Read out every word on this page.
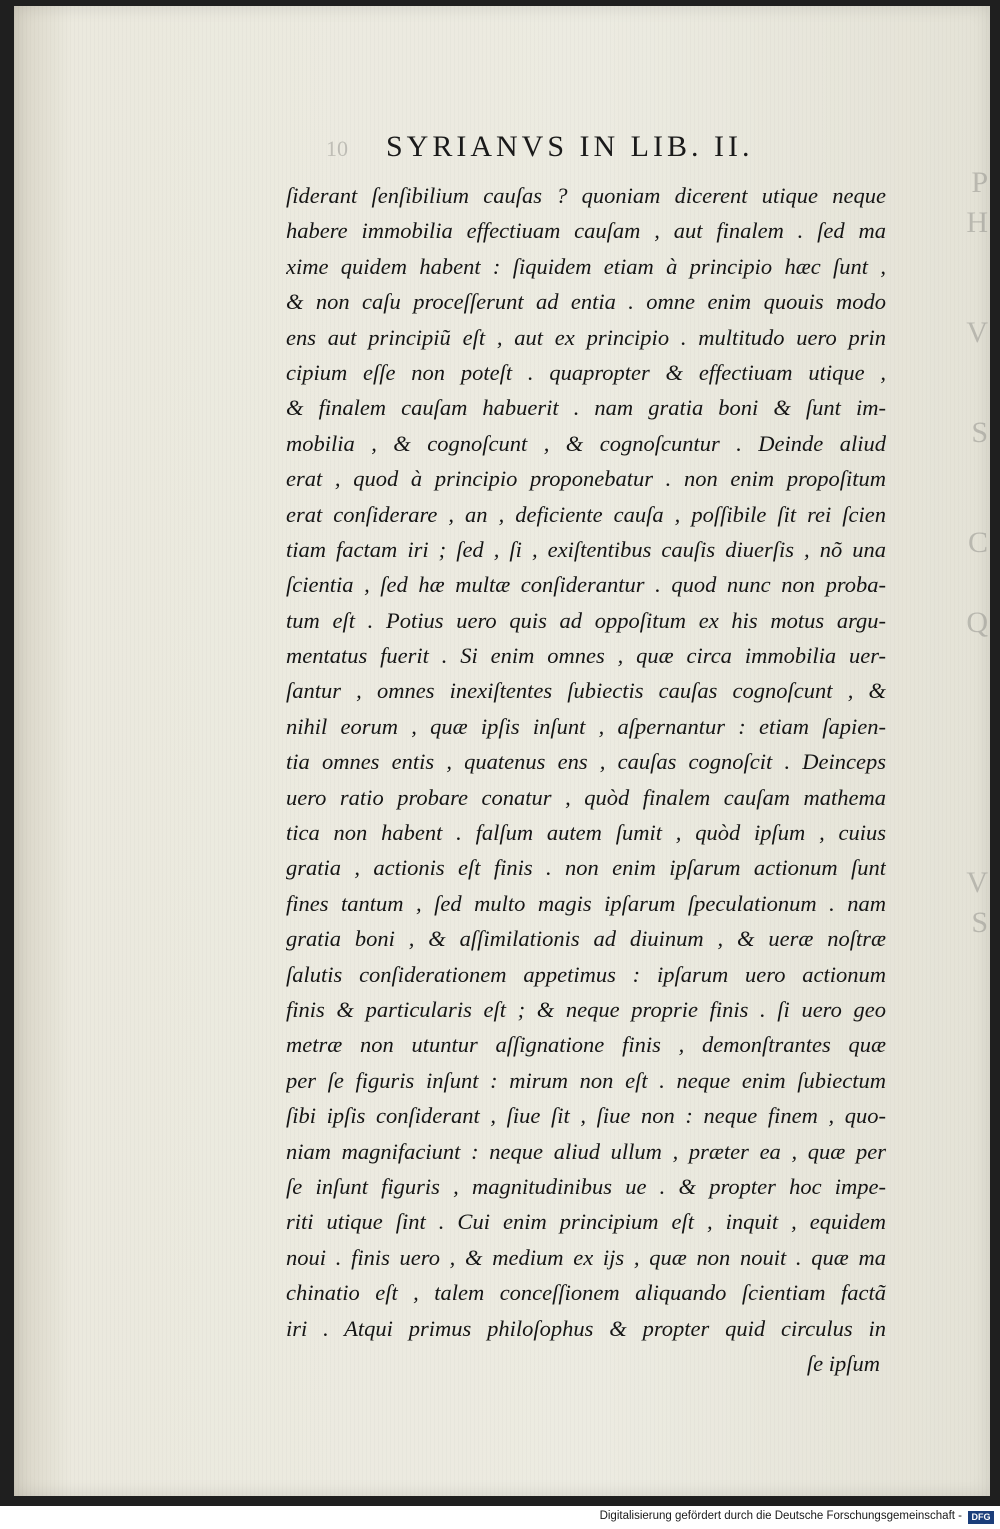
10 SYRIANVS IN LIB. II.
ſiderant ſenſibilium cauſas ? quoniam dicerent utique neque
habere immobilia effectiuam cauſam , aut finalem . ſed ma
xime quidem habent : ſiquidem etiam à principio hæc ſunt ,
& non caſu proceſſerunt ad entia . omne enim quouis modo
ens aut principiũ eſt , aut ex principio . multitudo uero prin
cipium eſſe non poteſt . quapropter & effectiuam utique ,
& finalem cauſam habuerit . nam gratia boni & ſunt im-
mobilia , & cognoſcunt , & cognoſcuntur . Deinde aliud
erat , quod à principio proponebatur . non enim propoſitum
erat conſiderare , an , deficiente cauſa , poſſibile ſit rei ſcien
tiam factam iri ; ſed , ſi , exiſtentibus cauſis diuerſis , nõ una
ſcientia , ſed hæ multæ conſiderantur . quod nunc non proba-
tum eſt . Potius uero quis ad oppoſitum ex his motus argu-
mentatus fuerit . Si enim omnes , quæ circa immobilia uer-
ſantur , omnes inexiſtentes ſubiectis cauſas cognoſcunt , &
nihil eorum , quæ ipſis inſunt , aſpernantur : etiam ſapien-
tia omnes entis , quatenus ens , cauſas cognoſcit . Deinceps
uero ratio probare conatur , quòd finalem cauſam mathema
tica non habent . falſum autem ſumit , quòd ipſum , cuius
gratia , actionis eſt finis . non enim ipſarum actionum ſunt
fines tantum , ſed multo magis ipſarum ſpeculationum . nam
gratia boni , & aſſimilationis ad diuinum , & ueræ noſtræ
ſalutis conſiderationem appetimus : ipſarum uero actionum
finis & particularis eſt ; & neque proprie finis . ſi uero geo
metræ non utuntur aſſignatione finis , demonſtrantes quæ
per ſe figuris inſunt : mirum non eſt . neque enim ſubiectum
ſibi ipſis conſiderant , ſiue ſit , ſiue non : neque finem , quo-
niam magnifaciunt : neque aliud ullum , præter ea , quæ per
ſe inſunt figuris , magnitudinibus ue . & propter hoc impe-
riti utique ſint . Cui enim principium eſt , inquit , equidem
noui . finis uero , & medium ex ijs , quæ non nouit . quæ ma
chinatio eſt , talem conceſſionem aliquando ſcientiam factã
iri . Atqui primus philoſophus & propter quid circulus in
ſe ipſum
P
H
V
S
C
Q
V
S
Digitalisierung gefördert durch die Deutsche Forschungsgemeinschaft -	DFG
